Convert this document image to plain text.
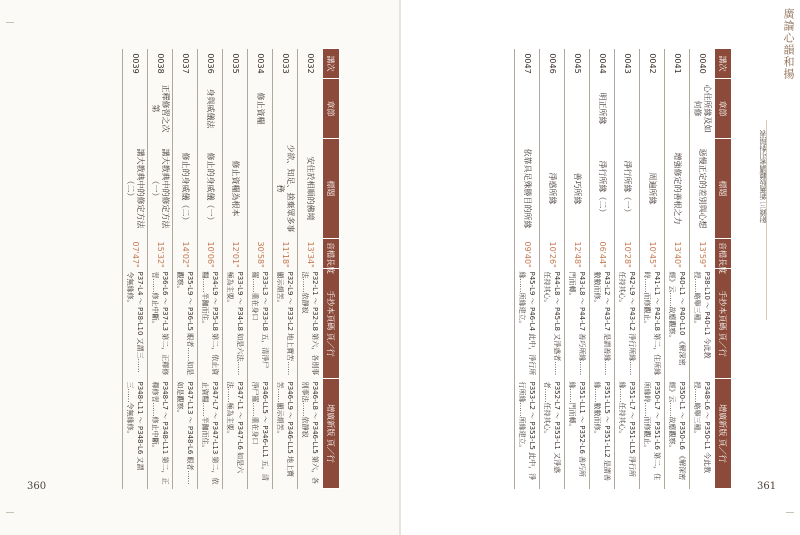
360	361
講次	章節	標題	音檔長度	手抄本頁碼 頁／行	增廣新版 頁／行
0032		安住於相順的佛境	13'34"	P32-L1 ～ P32-L8 第六，各別事法……依靜寂	P346-L8 ～ P346-LL5 第六，各別事法……依靜寂
0033		少欲、知足、捨棄眾多事務	11'18"	P32-L9 ～ P33-L2 地上寶苦……顯示煩苦。	P346-L9 ～ P346-LL5 地上寶苦……顯示煩苦。
0034	修止資糧		30'58"	P33-L3 ～ P33-L8 五，清淨尸羅……重在身口	P346-LL5 ～ P346-LL1 五，清淨尸羅……重在身口
0035		修止資糧為根本	12'01"	P33-L9 ～ P34-L8 如是六法……極為主要。	P347-L1 ～ P347-L6 如是六法……極為主要。
0036	身與威儀法	修止的身威儀（一）	10'06"	P34-L9 ～ P35-L8 第二，依止資糧……半跏而住。	P347-L7 ～ P347-L13 第二，依止資糧……半跏而住。
0037		修止的身威儀（二）	14'02"	P35-L9 ～ P36-L5 眼者……如是觀察。	P347-L13 ～ P348-L6 眼者……如是觀察。
0038	正釋修習之次第	講大教典中的修定方法（一）	15'32"	P36-L6 ～ P37-L3 第二，正釋修習……修止中斷。	P348-L7 ～ P348-L11 第二，正釋修習……修止中斷。
0039		講大教典中的修定方法（二）	07'47"	P37-L4 ～ P38-L10 又謂三……令無緣修。	P348-L11 ～ P348-L6 又謂三……令無緣修。
講次	章節	標題	音檔長度	手抄本頁碼 頁／行	增廣新版 頁／行
0040	心住所緣及如何修	惡慢正定的差別與心想	13'59"	P38-L10 ～ P40-L1 今此教授……略舉三種。	P348-L6 ～ P350-L1 今此教授……略舉三種。
0041		增強修定的善根之力	13'40"	P40-L1 ～ P40-L10 《解深密經》云……故應觀察。	P350-L1 ～ P350-L6 《解深密經》云……故應觀察。
0042		周遍所緣	10'45"	P41-L1 ～ P42-L8 第二，住所緣時……而修觀止。	P350-L7 ～ P351-L6 第二，住所緣時……而修觀止。
0043		淨行所緣（一）	10'28"	P42-L9 ～ P43-L2 淨行所緣……任持其心。	P351-L7 ～ P351-LL5 淨行所緣……任持其心。
0044	明正所緣	淨行所緣（二）	06'44"	P43-L2 ～ P43-L7 是謂善緣……數數而修。	P351-LL5 ～ P351-LL2 是謂善緣……數數而修。
0045		善巧所緣	12'48"	P43-L8 ～ P44-L7 善巧所緣……門而轉。	P351-LL1 ～ P352-L6 善巧所緣……門而轉。
0046		淨惑所緣	10'26"	P44-L8 ～ P45-L8 又淨惑者……任持其心。	P352-L7 ～ P353-L1 又淨惑者……任持其心。
0047		依靠具足殊勝目的所緣	09'40"	P45-L9 ～ P46-L4 此中，淨行所緣……所緣建立。	P353-L2 ～ P353-L5 此中，淨行所緣……所緣建立。
廣論心韻和揚
附錄三 新舊版聽講索引對照表
